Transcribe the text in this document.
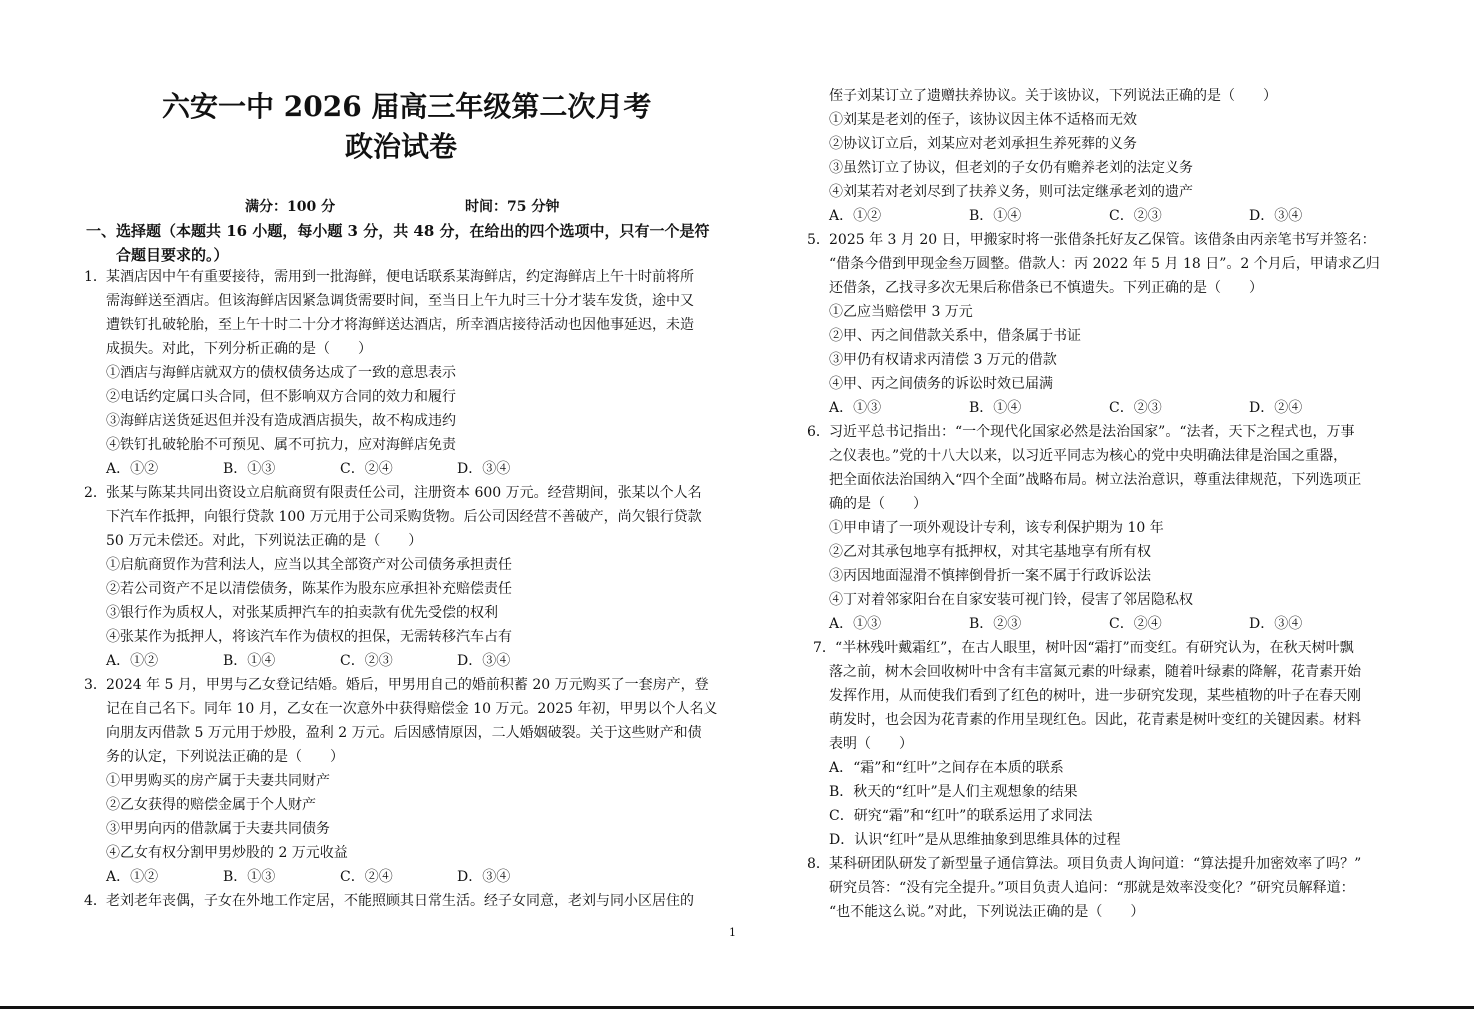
六安一中 2026 届高三年级第二次月考
政治试卷
满分：100 分	时间：75 分钟
一、选择题（本题共 16 小题，每小题 3 分，共 48 分，在给出的四个选项中，只有一个是符
合题目要求的。）
1． 某酒店因中午有重要接待，需用到一批海鲜，便电话联系某海鲜店，约定海鲜店上午十时前将所
需海鲜送至酒店。但该海鲜店因紧急调货需要时间，至当日上午九时三十分才装车发货，途中又
遭铁钉扎破轮胎，至上午十时二十分才将海鲜送达酒店，所幸酒店接待活动也因他事延迟，未造
成损失。对此，下列分析正确的是（　　）
①酒店与海鲜店就双方的债权债务达成了一致的意思表示
②电话约定属口头合同，但不影响双方合同的效力和履行
③海鲜店送货延迟但并没有造成酒店损失，故不构成违约
④铁钉扎破轮胎不可预见、属不可抗力，应对海鲜店免责
A．①②	B．①③	C．②④	D．③④
2． 张某与陈某共同出资设立启航商贸有限责任公司，注册资本 600 万元。经营期间，张某以个人名
下汽车作抵押，向银行贷款 100 万元用于公司采购货物。后公司因经营不善破产，尚欠银行贷款
50 万元未偿还。对此，下列说法正确的是（　　）
①启航商贸作为营利法人，应当以其全部资产对公司债务承担责任
②若公司资产不足以清偿债务，陈某作为股东应承担补充赔偿责任
③银行作为质权人，对张某质押汽车的拍卖款有优先受偿的权利
④张某作为抵押人，将该汽车作为债权的担保，无需转移汽车占有
A．①②	B．①④	C．②③	D．③④
3． 2024 年 5 月，甲男与乙女登记结婚。婚后，甲男用自己的婚前积蓄 20 万元购买了一套房产，登
记在自己名下。同年 10 月，乙女在一次意外中获得赔偿金 10 万元。2025 年初，甲男以个人名义
向朋友丙借款 5 万元用于炒股，盈利 2 万元。后因感情原因，二人婚姻破裂。关于这些财产和债
务的认定，下列说法正确的是（　　）
①甲男购买的房产属于夫妻共同财产
②乙女获得的赔偿金属于个人财产
③甲男向丙的借款属于夫妻共同债务
④乙女有权分割甲男炒股的 2 万元收益
A．①②	B．①③	C．②④	D．③④
4． 老刘老年丧偶，子女在外地工作定居，不能照顾其日常生活。经子女同意，老刘与同小区居住的
侄子刘某订立了遗赠扶养协议。关于该协议，下列说法正确的是（　　）
①刘某是老刘的侄子，该协议因主体不适格而无效
②协议订立后，刘某应对老刘承担生养死葬的义务
③虽然订立了协议，但老刘的子女仍有赡养老刘的法定义务
④刘某若对老刘尽到了扶养义务，则可法定继承老刘的遗产
A．①②	B．①④	C．②③	D．③④
5． 2025 年 3 月 20 日，甲搬家时将一张借条托好友乙保管。该借条由丙亲笔书写并签名：
“借条今借到甲现金叁万圆整。借款人：丙 2022 年 5 月 18 日”。2 个月后，甲请求乙归
还借条，乙找寻多次无果后称借条已不慎遗失。下列正确的是（　　）
①乙应当赔偿甲 3 万元
②甲、丙之间借款关系中，借条属于书证
③甲仍有权请求丙清偿 3 万元的借款
④甲、丙之间债务的诉讼时效已届满
A．①③	B．①④	C．②③	D．②④
6． 习近平总书记指出：“一个现代化国家必然是法治国家”。“法者，天下之程式也，万事
之仪表也。”党的十八大以来，以习近平同志为核心的党中央明确法律是治国之重器，
把全面依法治国纳入“四个全面”战略布局。树立法治意识，尊重法律规范，下列选项正
确的是（　　）
①甲申请了一项外观设计专利，该专利保护期为 10 年
②乙对其承包地享有抵押权，对其宅基地享有所有权
③丙因地面湿滑不慎摔倒骨折一案不属于行政诉讼法
④丁对着邻家阳台在自家安装可视门铃，侵害了邻居隐私权
A．①③	B．②③	C．②④	D．③④
7． “半林残叶戴霜红”，在古人眼里，树叶因“霜打”而变红。有研究认为，在秋天树叶飘
落之前，树木会回收树叶中含有丰富氮元素的叶绿素，随着叶绿素的降解，花青素开始
发挥作用，从而使我们看到了红色的树叶，进一步研究发现，某些植物的叶子在春天刚
萌发时，也会因为花青素的作用呈现红色。因此，花青素是树叶变红的关键因素。材料
表明（　　）
A．“霜”和“红叶”之间存在本质的联系
B．秋天的“红叶”是人们主观想象的结果
C．研究“霜”和“红叶”的联系运用了求同法
D．认识“红叶”是从思维抽象到思维具体的过程
8． 某科研团队研发了新型量子通信算法。项目负责人询问道：“算法提升加密效率了吗？”
研究员答：“没有完全提升。”项目负责人追问：“那就是效率没变化？”研究员解释道：
“也不能这么说。”对此，下列说法正确的是（　　）
1
